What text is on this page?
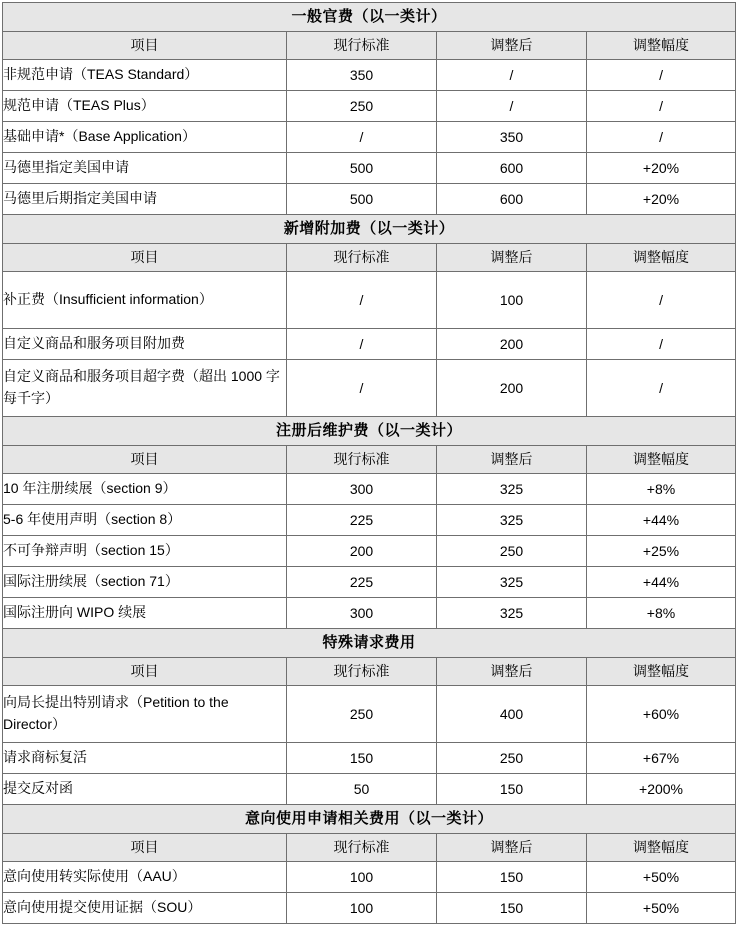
一般官费（以一类计）			
项目	现行标准	调整后	调整幅度
非规范申请（TEAS Standard）	350	/	/
规范申请（TEAS Plus）	250	/	/
基础申请*（Base Application）	/	350	/
马德里指定美国申请	500	600	+20%
马德里后期指定美国申请	500	600	+20%
新增附加费（以一类计）			
项目	现行标准	调整后	调整幅度
补正费（Insufficient information）	/	100	/
自定义商品和服务项目附加费	/	200	/
自定义商品和服务项目超字费（超出 1000 字每千字）	/	200	/
注册后维护费（以一类计）			
项目	现行标准	调整后	调整幅度
10 年注册续展（section 9）	300	325	+8%
5-6 年使用声明（section 8）	225	325	+44%
不可争辩声明（section 15）	200	250	+25%
国际注册续展（section 71）	225	325	+44%
国际注册向 WIPO 续展	300	325	+8%
特殊请求费用			
项目	现行标准	调整后	调整幅度
向局长提出特别请求（Petition to the Director）	250	400	+60%
请求商标复活	150	250	+67%
提交反对函	50	150	+200%
意向使用申请相关费用（以一类计）			
项目	现行标准	调整后	调整幅度
意向使用转实际使用（AAU）	100	150	+50%
意向使用提交使用证据（SOU）	100	150	+50%
